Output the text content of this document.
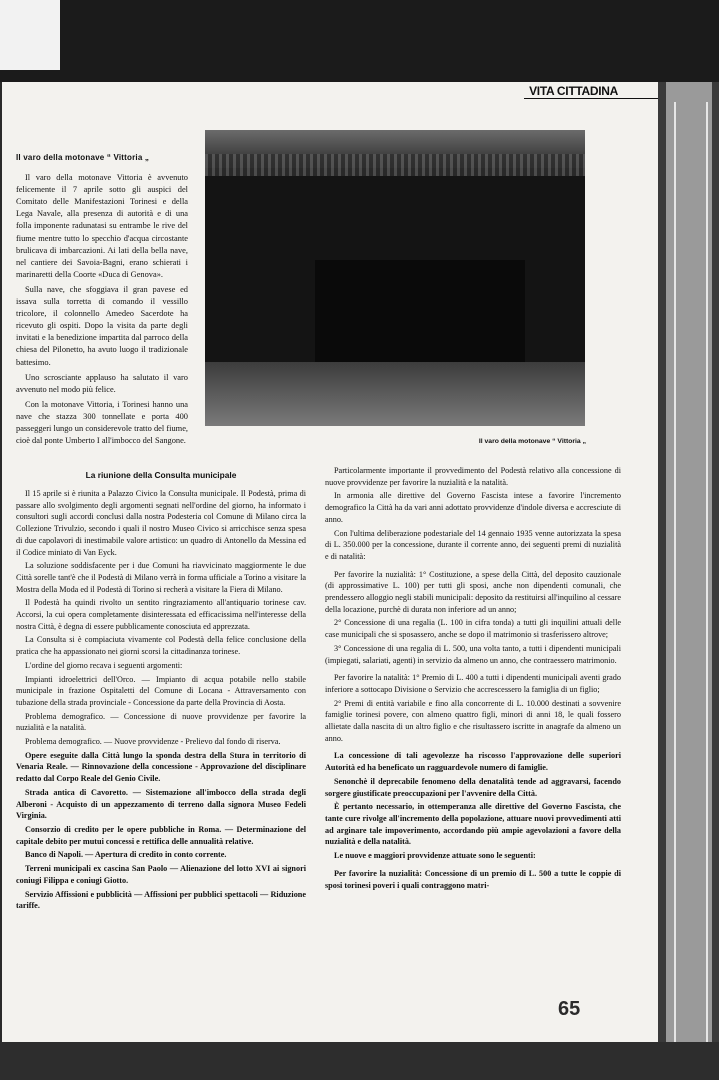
VITA CITTADINA
Il varo della motonave “ Vittoria „

Il varo della motonave Vittoria è avvenuto felicemente il 7 aprile sotto gli auspici del Comitato delle Manifestazioni Torinesi e della Lega Navale, alla presenza di autorità e di una folla imponente radunatasi su entrambe le rive del fiume mentre tutto lo specchio d'acqua circostante brulicava di imbarcazioni. Ai lati della bella nave, nel cantiere dei Savoia-Bagni, erano schierati i marinaretti della Coorte «Duca di Genova».

Sulla nave, che sfoggiava il gran pavese ed issava sulla torretta di comando il vessillo tricolore, il colonnello Amedeo Sacerdote ha ricevuto gli ospiti. Dopo la visita da parte degli invitati e la benedizione impartita dal parroco della chiesa del Pilonetto, ha avuto luogo il tradizionale battesimo.

Uno scrosciante applauso ha salutato il varo avvenuto nel modo più felice.

Con la motonave Vittoria, i Torinesi hanno una nave che stazza 300 tonnellate e porta 400 passeggeri lungo un considerevole tratto del fiume, cioè dal ponte Umberto I all'imbocco del Sangone.	Il varo della motonave “ Vittoria „
La riunione della Consulta municipale

Il 15 aprile si è riunita a Palazzo Civico la Consulta municipale. Il Podestà, prima di passare allo svolgimento degli argomenti segnati nell'ordine del giorno, ha informato i consultori sugli accordi conclusi dalla nostra Podesteria col Comune di Milano circa la Collezione Trivulzio, secondo i quali il nostro Museo Civico si arricchisce senza spesa di due capolavori di inestimabile valore artistico: un quadro di Antonello da Messina ed il Codice miniato di Van Eyck.

La soluzione soddisfacente per i due Comuni ha riavvicinato maggiormente le due Città sorelle tant'è che il Podestà di Milano verrà in forma ufficiale a Torino a visitare la Mostra della Moda ed il Podestà di Torino si recherà a visitare la Fiera di Milano.

Il Podestà ha quindi rivolto un sentito ringraziamento all'antiquario torinese cav. Accorsi, la cui opera completamente disinteressata ed efficacissima nell'interesse della nostra Città, è degna di essere pubblicamente conosciuta ed apprezzata.

La Consulta si è compiaciuta vivamente col Podestà della felice conclusione della pratica che ha appassionato nei giorni scorsi la cittadinanza torinese.

L'ordine del giorno recava i seguenti argomenti:

Impianti idroelettrici dell'Orco. — Impianto di acqua potabile nello stabile municipale in frazione Ospitaletti del Comune di Locana - Attraversamento con tubazione della strada provinciale - Concessione da parte della Provincia di Aosta.

Problema demografico. — Concessione di nuove provvidenze per favorire la nuzialità e la natalità.

Problema demografico. — Nuove provvidenze - Prelievo dal fondo di riserva.

Opere eseguite dalla Città lungo la sponda destra della Stura in territorio di Venaria Reale. — Rinnovazione della concessione - Approvazione del disciplinare redatto dal Corpo Reale del Genio Civile.

Strada antica di Cavoretto. — Sistemazione all'imbocco della strada degli Alberoni - Acquisto di un appezzamento di terreno dalla signora Museo Fedeli Virginia.

Consorzio di credito per le opere pubbliche in Roma. — Determinazione del capitale debito per mutui concessi e rettifica delle annualità relative.

Banco di Napoli. — Apertura di credito in conto corrente.

Terreni municipali ex cascina San Paolo — Alienazione del lotto XVI ai signori coniugi Filippa e coniugi Giotto.

Servizio Affissioni e pubblicità — Affissioni per pubblici spettacoli — Riduzione tariffe.

Particolarmente importante il provvedimento del Podestà relativo alla concessione di nuove provvidenze per favorire la nuzialità e la natalità.

In armonia alle direttive del Governo Fascista intese a favorire l'incremento demografico la Città ha da vari anni adottato provvidenze d'indole diversa e accresciute di anno.

Con l'ultima deliberazione podestariale del 14 gennaio 1935 venne autorizzata la spesa di L. 350.000 per la concessione, durante il corrente anno, dei seguenti premi di nuzialità e di natalità:

Per favorire la nuzialità: 1° Costituzione, a spese della Città, del deposito cauzionale (di approssimative L. 100) per tutti gli sposi, anche non dipendenti comunali, che prendessero alloggio negli stabili municipali: deposito da restituirsi all'inquilino al cessare della locazione, purchè di durata non inferiore ad un anno;

2° Concessione di una regalia (L. 100 in cifra tonda) a tutti gli inquilini attuali delle case municipali che si sposassero, anche se dopo il matrimonio si trasferissero altrove;

3° Concessione di una regalia di L. 500, una volta tanto, a tutti i dipendenti municipali (impiegati, salariati, agenti) in servizio da almeno un anno, che contraessero matrimonio.

Per favorire la natalità: 1° Premio di L. 400 a tutti i dipendenti municipali aventi grado inferiore a sottocapo Divisione o Servizio che accrescessero la famiglia di un figlio;

2° Premi di entità variabile e fino alla concorrente di L. 10.000 destinati a sovvenire famiglie torinesi povere, con almeno quattro figli, minori di anni 18, le quali fossero allietate dalla nascita di un altro figlio e che risultassero iscritte in anagrafe da almeno un anno.

La concessione di tali agevolezze ha riscosso l'approvazione delle superiori Autorità ed ha beneficato un ragguardevole numero di famiglie.

Senonchè il deprecabile fenomeno della denatalità tende ad aggravarsi, facendo sorgere giustificate preoccupazioni per l'avvenire della Città.

È pertanto necessario, in ottemperanza alle direttive del Governo Fascista, che tante cure rivolge all'incremento della popolazione, attuare nuovi provvedimenti atti ad arginare tale impoverimento, accordando più ampie agevolazioni a favore della nuzialità e della natalità.

Le nuove e maggiori provvidenze attuate sono le seguenti:

Per favorire la nuzialità: Concessione di un premio di L. 500 a tutte le coppie di sposi torinesi poveri i quali contraggono matri-

65
